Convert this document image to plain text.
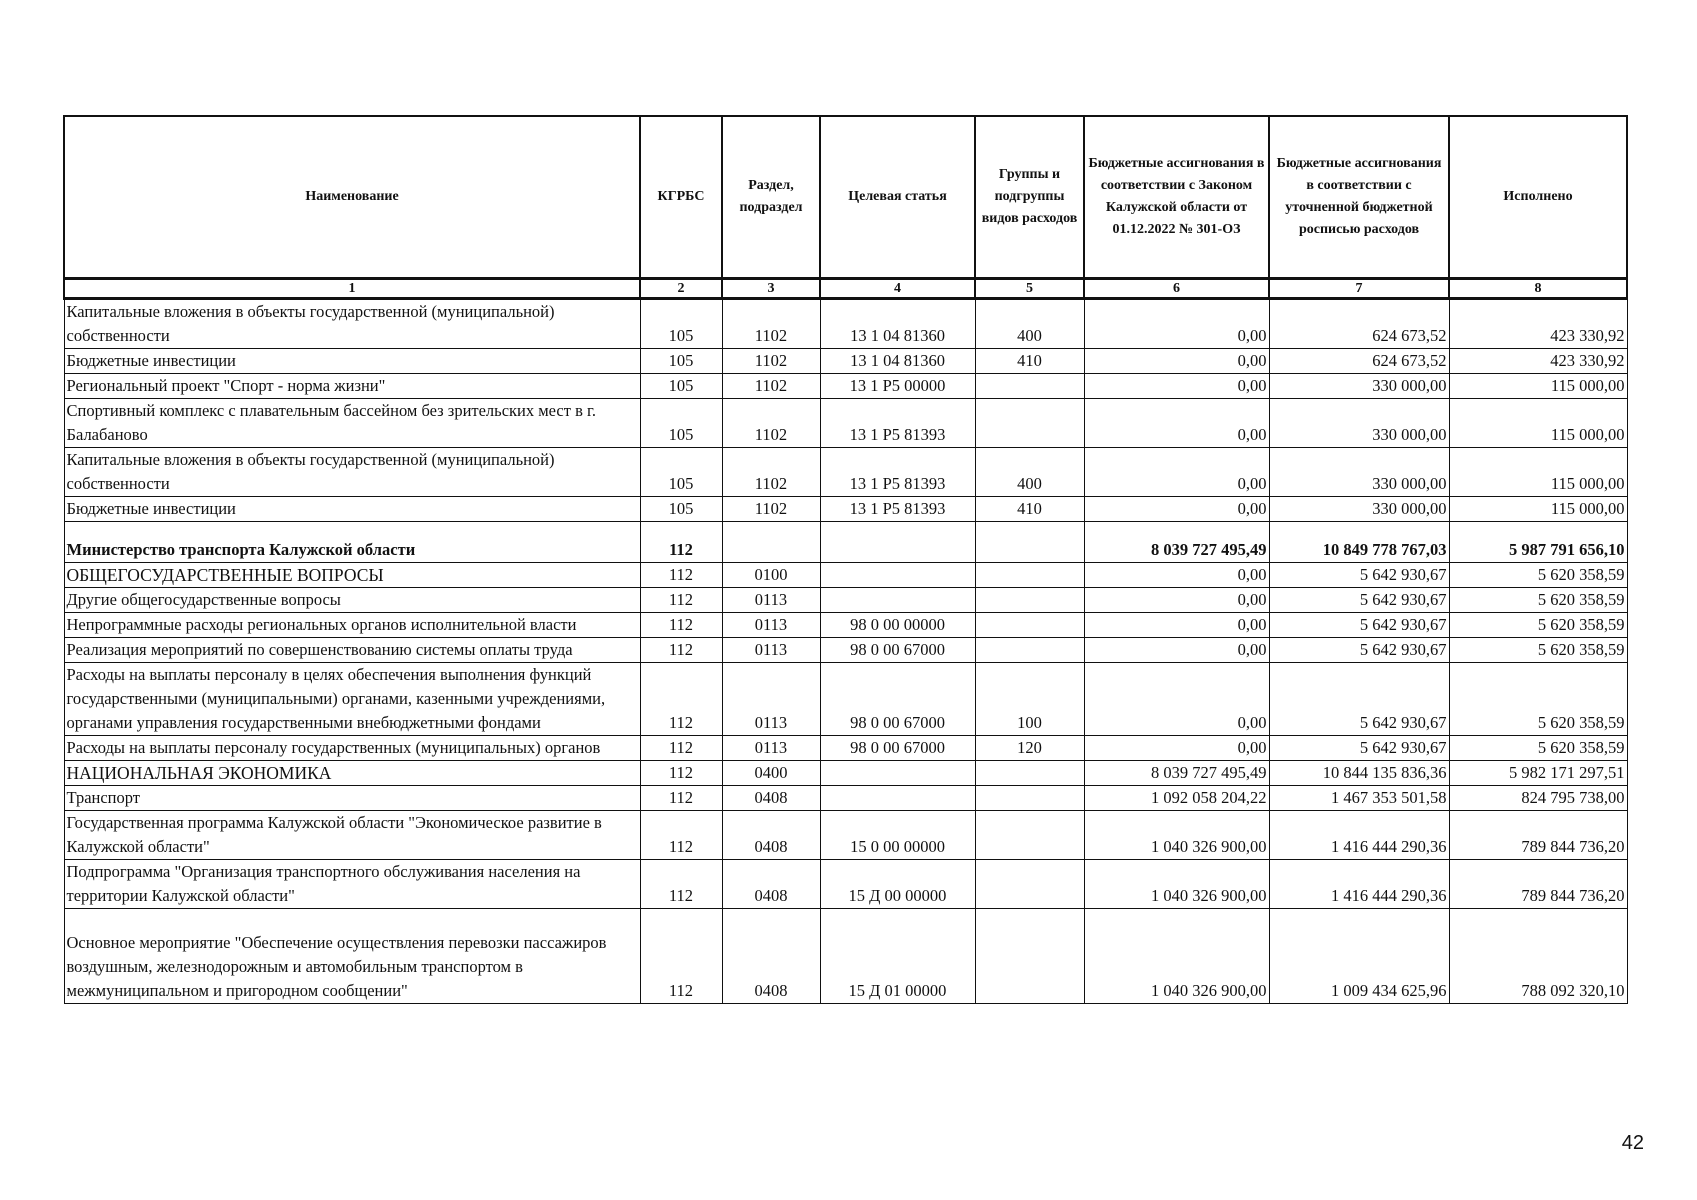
Наименование	КГРБС	Раздел, подраздел	Целевая статья	Группы и подгруппы видов расходов	Бюджетные ассигнования в соответствии с Законом Калужской области от 01.12.2022 № 301-ОЗ	Бюджетные ассигнования в соответствии с уточненной бюджетной росписью расходов	Исполнено
1	2	3	4	5	6	7	8
Капитальные вложения в объекты государственной (муниципальной) собственности	105	1102	13 1 04 81360	400	0,00	624 673,52	423 330,92
Бюджетные инвестиции	105	1102	13 1 04 81360	410	0,00	624 673,52	423 330,92
Региональный проект "Спорт - норма жизни"	105	1102	13 1 P5 00000		0,00	330 000,00	115 000,00
Спортивный комплекс с плавательным бассейном без зрительских мест в г. Балабаново	105	1102	13 1 P5 81393		0,00	330 000,00	115 000,00
Капитальные вложения в объекты государственной (муниципальной) собственности	105	1102	13 1 P5 81393	400	0,00	330 000,00	115 000,00
Бюджетные инвестиции	105	1102	13 1 P5 81393	410	0,00	330 000,00	115 000,00
Министерство транспорта Калужской области	112				8 039 727 495,49	10 849 778 767,03	5 987 791 656,10
ОБЩЕГОСУДАРСТВЕННЫЕ ВОПРОСЫ	112	0100			0,00	5 642 930,67	5 620 358,59
Другие общегосударственные вопросы	112	0113			0,00	5 642 930,67	5 620 358,59
Непрограммные расходы региональных органов исполнительной власти	112	0113	98 0 00 00000		0,00	5 642 930,67	5 620 358,59
Реализация мероприятий по совершенствованию системы оплаты труда	112	0113	98 0 00 67000		0,00	5 642 930,67	5 620 358,59
Расходы на выплаты персоналу в целях обеспечения выполнения функций государственными (муниципальными) органами, казенными учреждениями, органами управления государственными внебюджетными фондами	112	0113	98 0 00 67000	100	0,00	5 642 930,67	5 620 358,59
Расходы на выплаты персоналу государственных (муниципальных) органов	112	0113	98 0 00 67000	120	0,00	5 642 930,67	5 620 358,59
НАЦИОНАЛЬНАЯ ЭКОНОМИКА	112	0400			8 039 727 495,49	10 844 135 836,36	5 982 171 297,51
Транспорт	112	0408			1 092 058 204,22	1 467 353 501,58	824 795 738,00
Государственная программа Калужской области "Экономическое развитие в Калужской области"	112	0408	15 0 00 00000		1 040 326 900,00	1 416 444 290,36	789 844 736,20
Подпрограмма "Организация транспортного обслуживания населения на территории Калужской области"	112	0408	15 Д 00 00000		1 040 326 900,00	1 416 444 290,36	789 844 736,20
Основное мероприятие "Обеспечение осуществления перевозки пассажиров воздушным, железнодорожным и автомобильным транспортом в межмуниципальном и пригородном сообщении"	112	0408	15 Д 01 00000		1 040 326 900,00	1 009 434 625,96	788 092 320,10
42
